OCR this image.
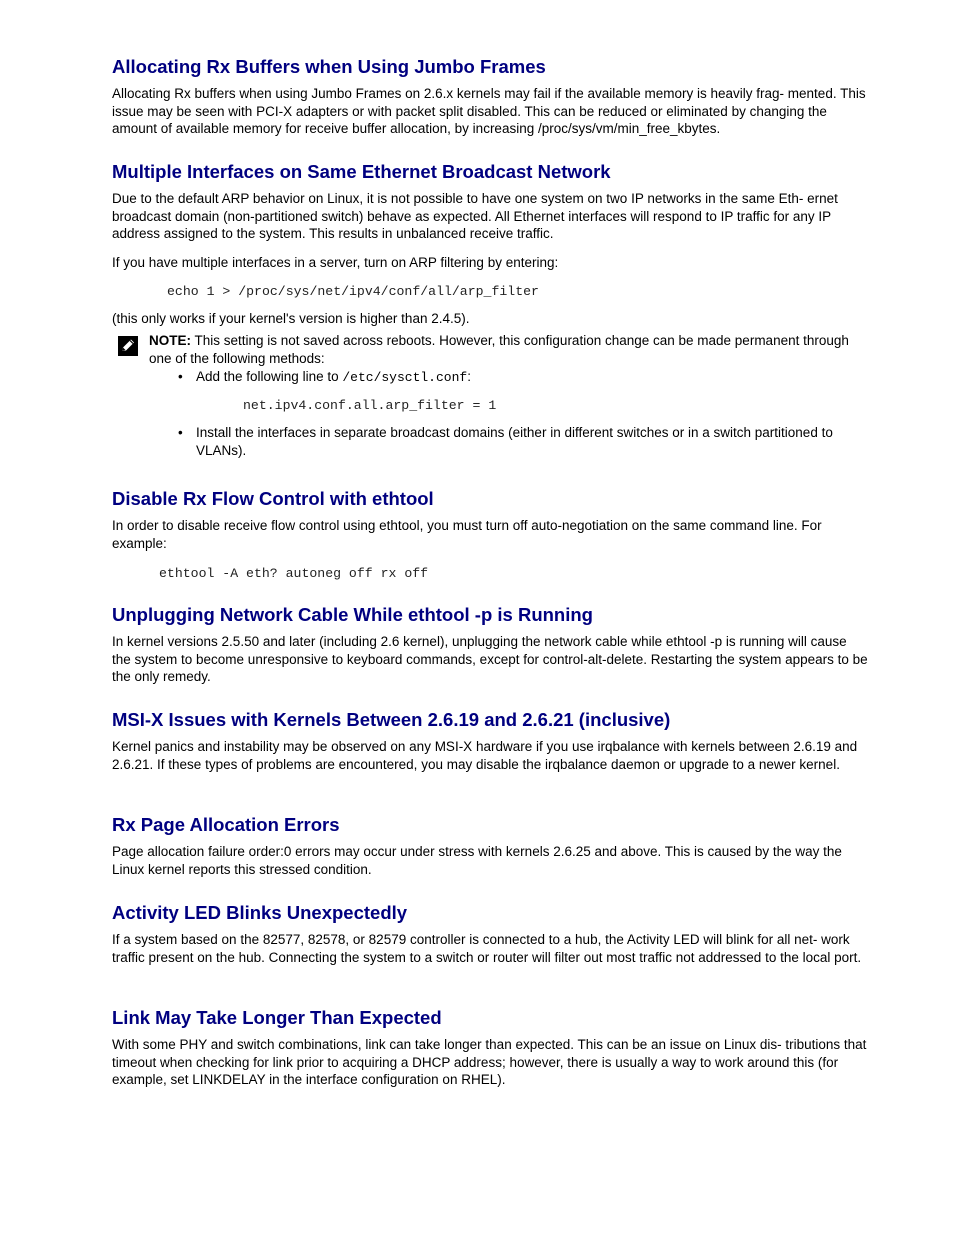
Allocating Rx Buffers when Using Jumbo Frames

Allocating Rx buffers when using Jumbo Frames on 2.6.x kernels may fail if the available memory is heavily frag- mented. This issue may be seen with PCI-X adapters or with packet split disabled. This can be reduced or eliminated by changing the amount of available memory for receive buffer allocation, by increasing /proc/sys/vm/min_free_kbytes.

Multiple Interfaces on Same Ethernet Broadcast Network

Due to the default ARP behavior on Linux, it is not possible to have one system on two IP networks in the same Eth- ernet broadcast domain (non-partitioned switch) behave as expected. All Ethernet interfaces will respond to IP traffic for any IP address assigned to the system. This results in unbalanced receive traffic.

If you have multiple interfaces in a server, turn on ARP filtering by entering:

echo 1 > /proc/sys/net/ipv4/conf/all/arp_filter

(this only works if your kernel's version is higher than 2.4.5).

NOTE: This setting is not saved across reboots. However, this configuration change can be made permanent through one of the following methods:

• Add the following line to /etc/sysctl.conf:

net.ipv4.conf.all.arp_filter = 1
• Install the interfaces in separate broadcast domains (either in different switches or in a switch partitioned to VLANs).

Disable Rx Flow Control with ethtool

In order to disable receive flow control using ethtool, you must turn off auto-negotiation on the same command line. For example:

ethtool -A eth? autoneg off rx off
Unplugging Network Cable While ethtool -p is Running

In kernel versions 2.5.50 and later (including 2.6 kernel), unplugging the network cable while ethtool -p is running will cause the system to become unresponsive to keyboard commands, except for control-alt-delete. Restarting the system appears to be the only remedy.

MSI-X Issues with Kernels Between 2.6.19 and 2.6.21 (inclusive)

Kernel panics and instability may be observed on any MSI-X hardware if you use irqbalance with kernels between 2.6.19 and 2.6.21. If these types of problems are encountered, you may disable the irqbalance daemon or upgrade to a newer kernel.

Rx Page Allocation Errors

Page allocation failure order:0 errors may occur under stress with kernels 2.6.25 and above. This is caused by the way the Linux kernel reports this stressed condition.

Activity LED Blinks Unexpectedly

If a system based on the 82577, 82578, or 82579 controller is connected to a hub, the Activity LED will blink for all net- work traffic present on the hub. Connecting the system to a switch or router will filter out most traffic not addressed to the local port.

Link May Take Longer Than Expected

With some PHY and switch combinations, link can take longer than expected. This can be an issue on Linux dis- tributions that timeout when checking for link prior to acquiring a DHCP address; however, there is usually a way to work around this (for example, set LINKDELAY in the interface configuration on RHEL).
